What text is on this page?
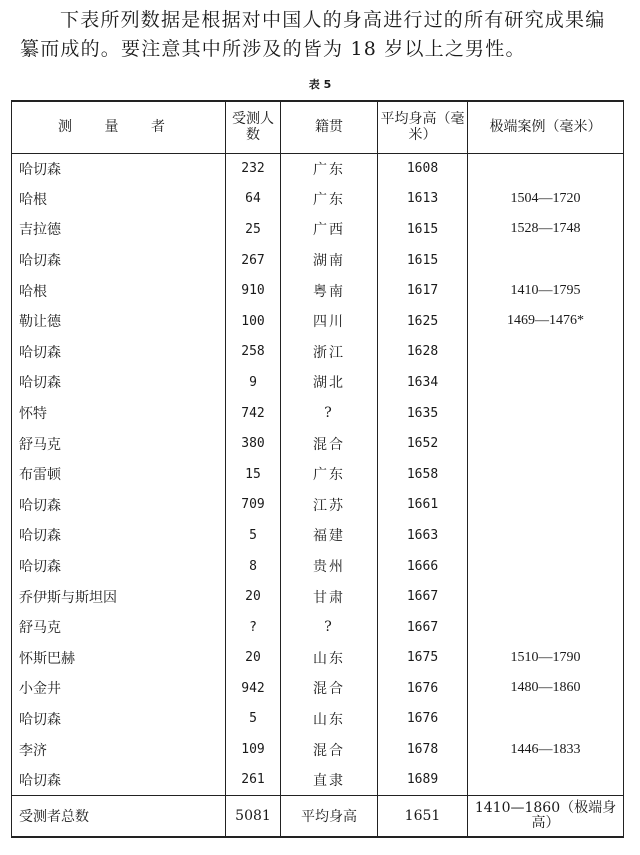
下表所列数据是根据对中国人的身高进行过的所有研究成果编纂而成的。要注意其中所涉及的皆为 18 岁以上之男性。

表 5
测 量 者	受测人数	籍贯	平均身高（毫米）	极端案例（毫米）

哈切森	232	广东	1608	
哈根	64	广东	1613	1504—1720
吉拉德	25	广西	1615	1528—1748
哈切森	267	湖南	1615	
哈根	910	粤南	1617	1410—1795
勒让德	100	四川	1625	1469—1476*
哈切森	258	浙江	1628	
哈切森	9	湖北	1634	
怀特	742	?	1635	
舒马克	380	混合	1652	
布雷顿	15	广东	1658	
哈切森	709	江苏	1661	
哈切森	5	福建	1663	
哈切森	8	贵州	1666	
乔伊斯与斯坦因	20	甘肃	1667	
舒马克	?	?	1667	
怀斯巴赫	20	山东	1675	1510—1790
小金井	942	混合	1676	1480—1860
哈切森	5	山东	1676	
李济	109	混合	1678	1446—1833
哈切森	261	直隶	1689	
受测者总数	5081	平均身高	1651	1410—1860（极端身高）
